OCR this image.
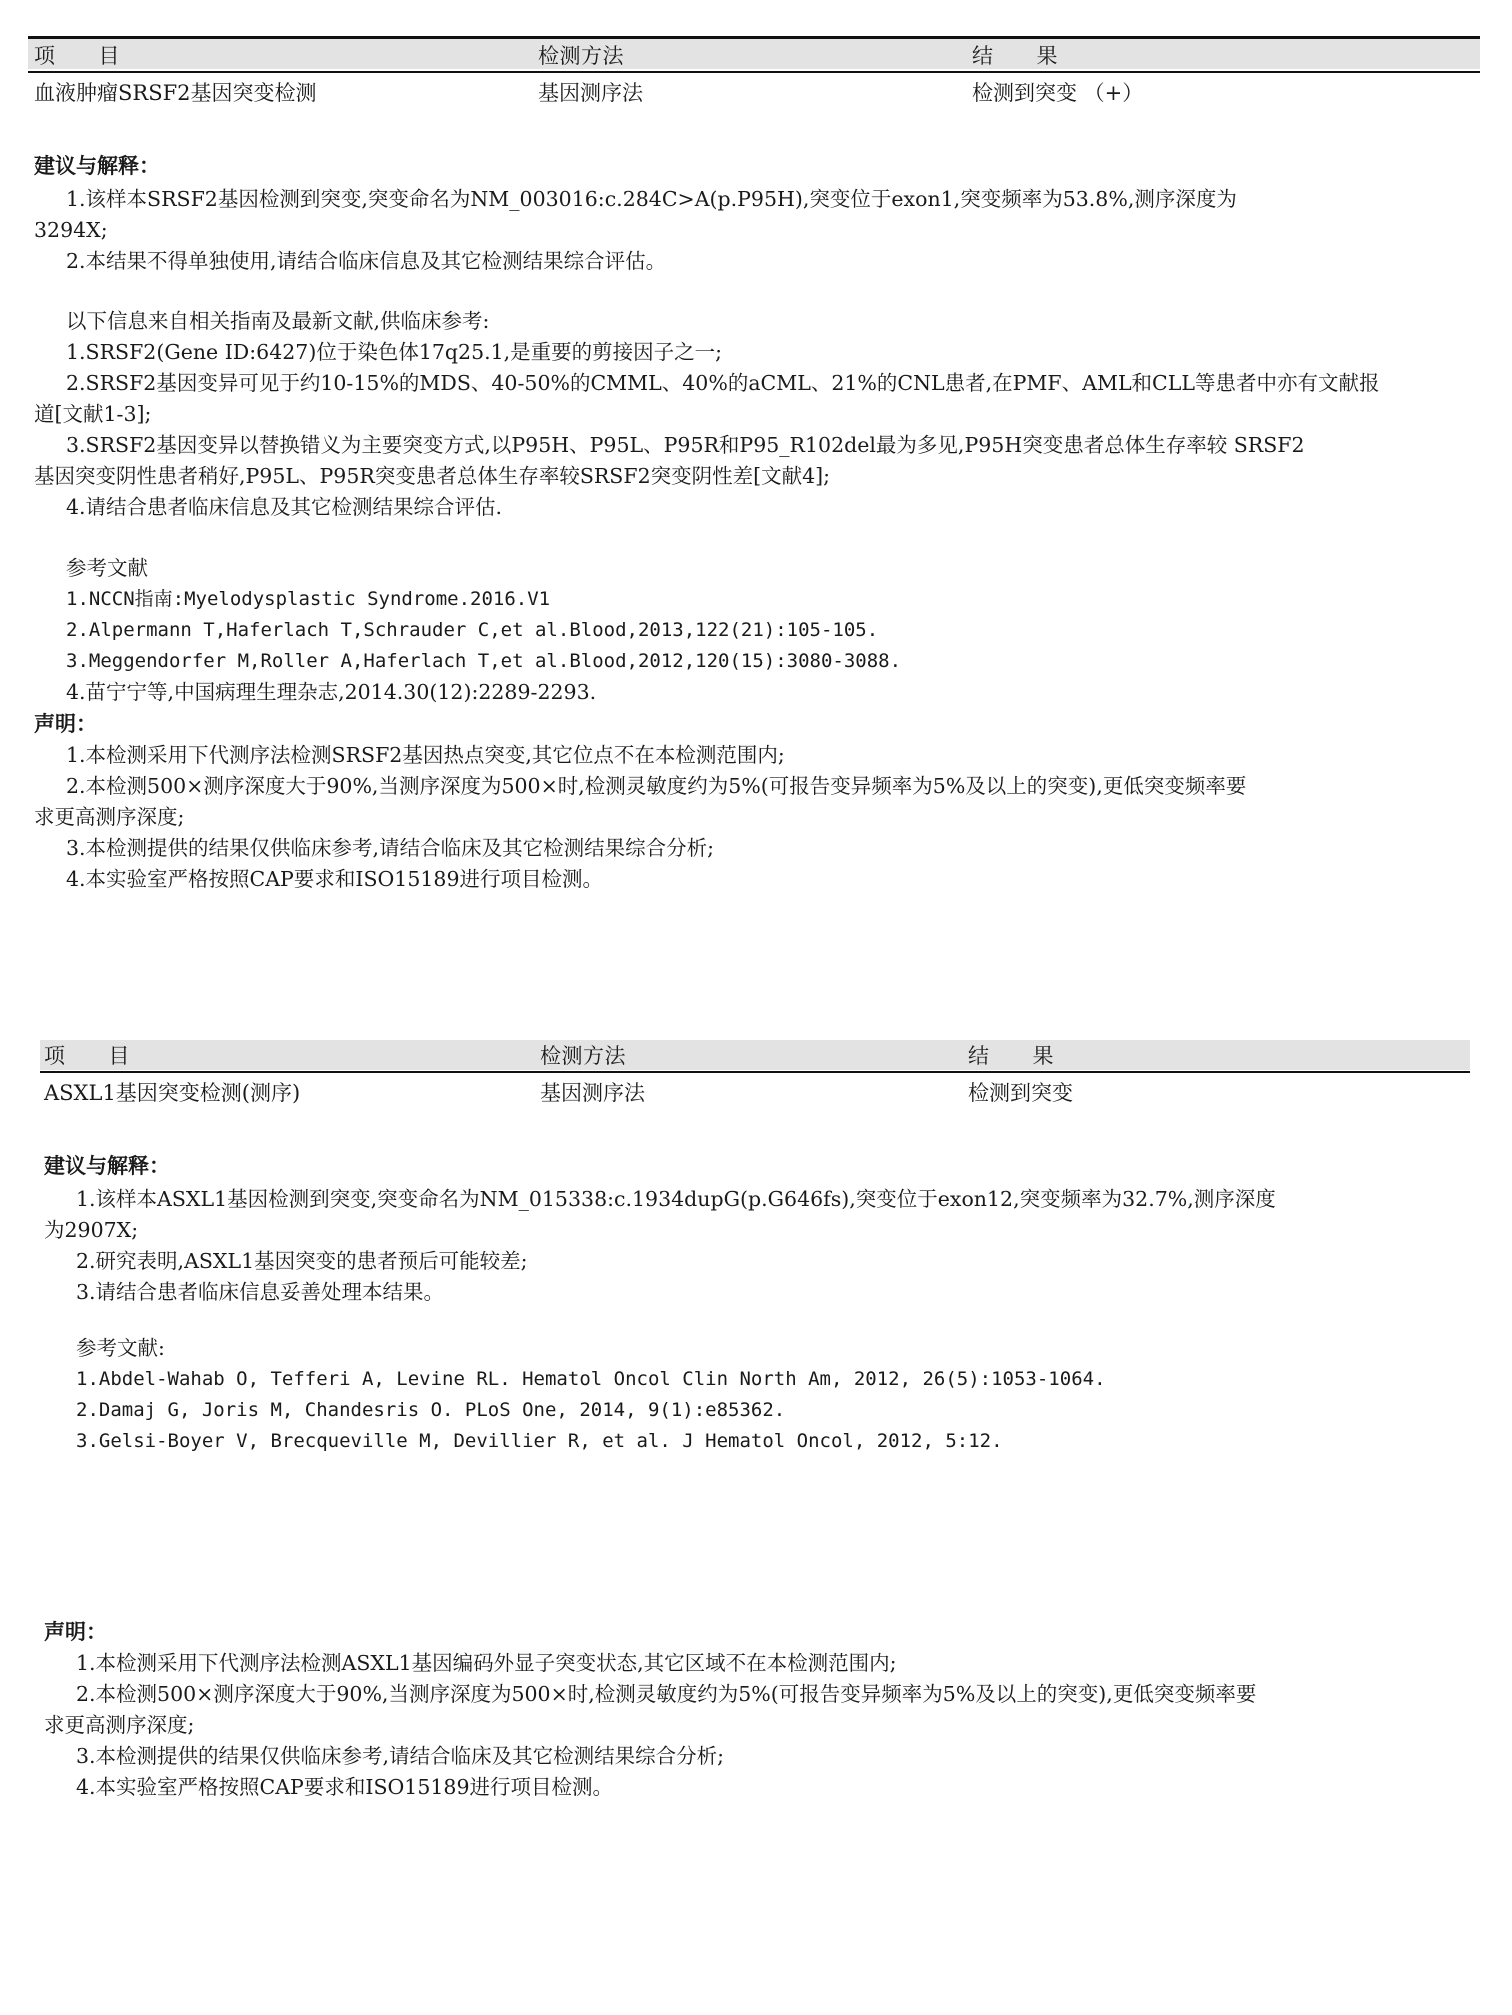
项　　目	检测方法	结　　果
血液肿瘤SRSF2基因突变检测	基因测序法	检测到突变 （+）
建议与解释：
1.该样本SRSF2基因检测到突变,突变命名为NM_003016:c.284C>A(p.P95H),突变位于exon1,突变频率为53.8%,测序深度为
3294X;
2.本结果不得单独使用,请结合临床信息及其它检测结果综合评估。
以下信息来自相关指南及最新文献,供临床参考:
1.SRSF2(Gene ID:6427)位于染色体17q25.1,是重要的剪接因子之一;
2.SRSF2基因变异可见于约10-15%的MDS、40-50%的CMML、40%的aCML、21%的CNL患者,在PMF、AML和CLL等患者中亦有文献报
道[文献1-3];
3.SRSF2基因变异以替换错义为主要突变方式,以P95H、P95L、P95R和P95_R102del最为多见,P95H突变患者总体生存率较 SRSF2
基因突变阴性患者稍好,P95L、P95R突变患者总体生存率较SRSF2突变阴性差[文献4];
4.请结合患者临床信息及其它检测结果综合评估.
参考文献
1.NCCN指南:Myelodysplastic Syndrome.2016.V1
2.Alpermann T,Haferlach T,Schrauder C,et al.Blood,2013,122(21):105-105.
3.Meggendorfer M,Roller A,Haferlach T,et al.Blood,2012,120(15):3080-3088.
4.苗宁宁等,中国病理生理杂志,2014.30(12):2289-2293.
声明：
1.本检测采用下代测序法检测SRSF2基因热点突变,其它位点不在本检测范围内;
2.本检测500×测序深度大于90%,当测序深度为500×时,检测灵敏度约为5%(可报告变异频率为5%及以上的突变),更低突变频率要
求更高测序深度;
3.本检测提供的结果仅供临床参考,请结合临床及其它检测结果综合分析;
4.本实验室严格按照CAP要求和ISO15189进行项目检测。
项　　目	检测方法	结　　果
ASXL1基因突变检测(测序)	基因测序法	检测到突变
建议与解释：
1.该样本ASXL1基因检测到突变,突变命名为NM_015338:c.1934dupG(p.G646fs),突变位于exon12,突变频率为32.7%,测序深度
为2907X;
2.研究表明,ASXL1基因突变的患者预后可能较差;
3.请结合患者临床信息妥善处理本结果。
参考文献:
1.Abdel-Wahab O, Tefferi A, Levine RL. Hematol Oncol Clin North Am, 2012, 26(5):1053-1064.
2.Damaj G, Joris M, Chandesris O. PLoS One, 2014, 9(1):e85362.
3.Gelsi-Boyer V, Brecqueville M, Devillier R, et al. J Hematol Oncol, 2012, 5:12.
声明：
1.本检测采用下代测序法检测ASXL1基因编码外显子突变状态,其它区域不在本检测范围内;
2.本检测500×测序深度大于90%,当测序深度为500×时,检测灵敏度约为5%(可报告变异频率为5%及以上的突变),更低突变频率要
求更高测序深度;
3.本检测提供的结果仅供临床参考,请结合临床及其它检测结果综合分析;
4.本实验室严格按照CAP要求和ISO15189进行项目检测。
